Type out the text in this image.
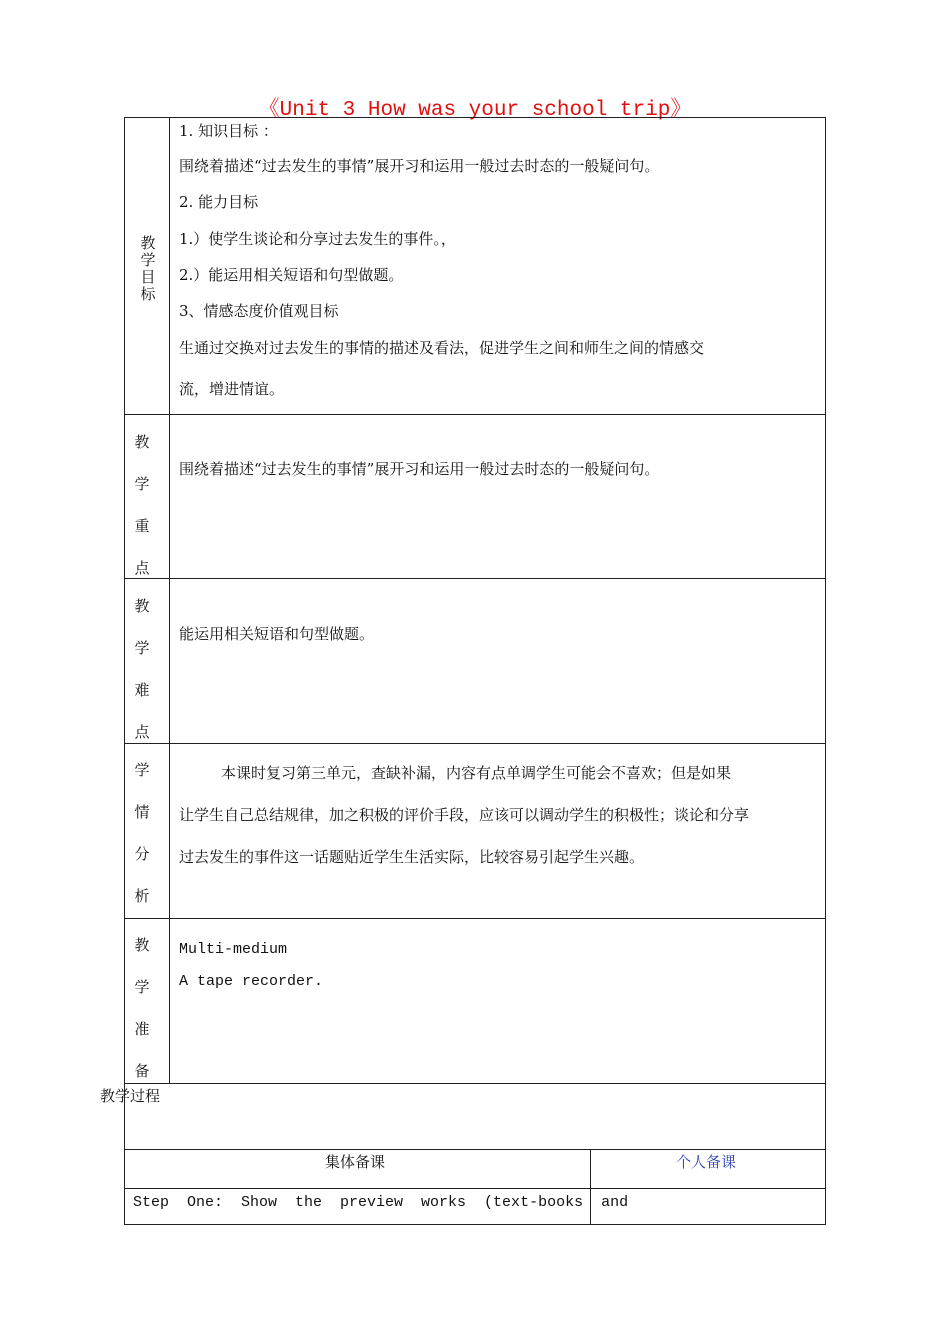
《Unit 3 How was your school trip》
教
学
目
标
1. 知识目标 ：
围绕着描述“过去发生的事情”展开习和运用一般过去时态的一般疑问句。
2. 能力目标
1.）使学生谈论和分享过去发生的事件。，
2.）能运用相关短语和句型做题。
3、情感态度价值观目标
生通过交换对过去发生的事情的描述及看法，促进学生之间和师生之间的情感交
流，增进情谊。
教
学
重
点
围绕着描述“过去发生的事情”展开习和运用一般过去时态的一般疑问句。
教
学
难
点
能运用相关短语和句型做题。
学
情
分
析
本课时复习第三单元，查缺补漏，内容有点单调学生可能会不喜欢；但是如果
让学生自己总结规律，加之积极的评价手段，应该可以调动学生的积极性；谈论和分享
过去发生的事件这一话题贴近学生生活实际，比较容易引起学生兴趣。
教
学
准
备
Multi-medium
A tape recorder.
教学过程
集体备课	个人备课
Step  One:  Show  the  preview  works  (text-books  and
